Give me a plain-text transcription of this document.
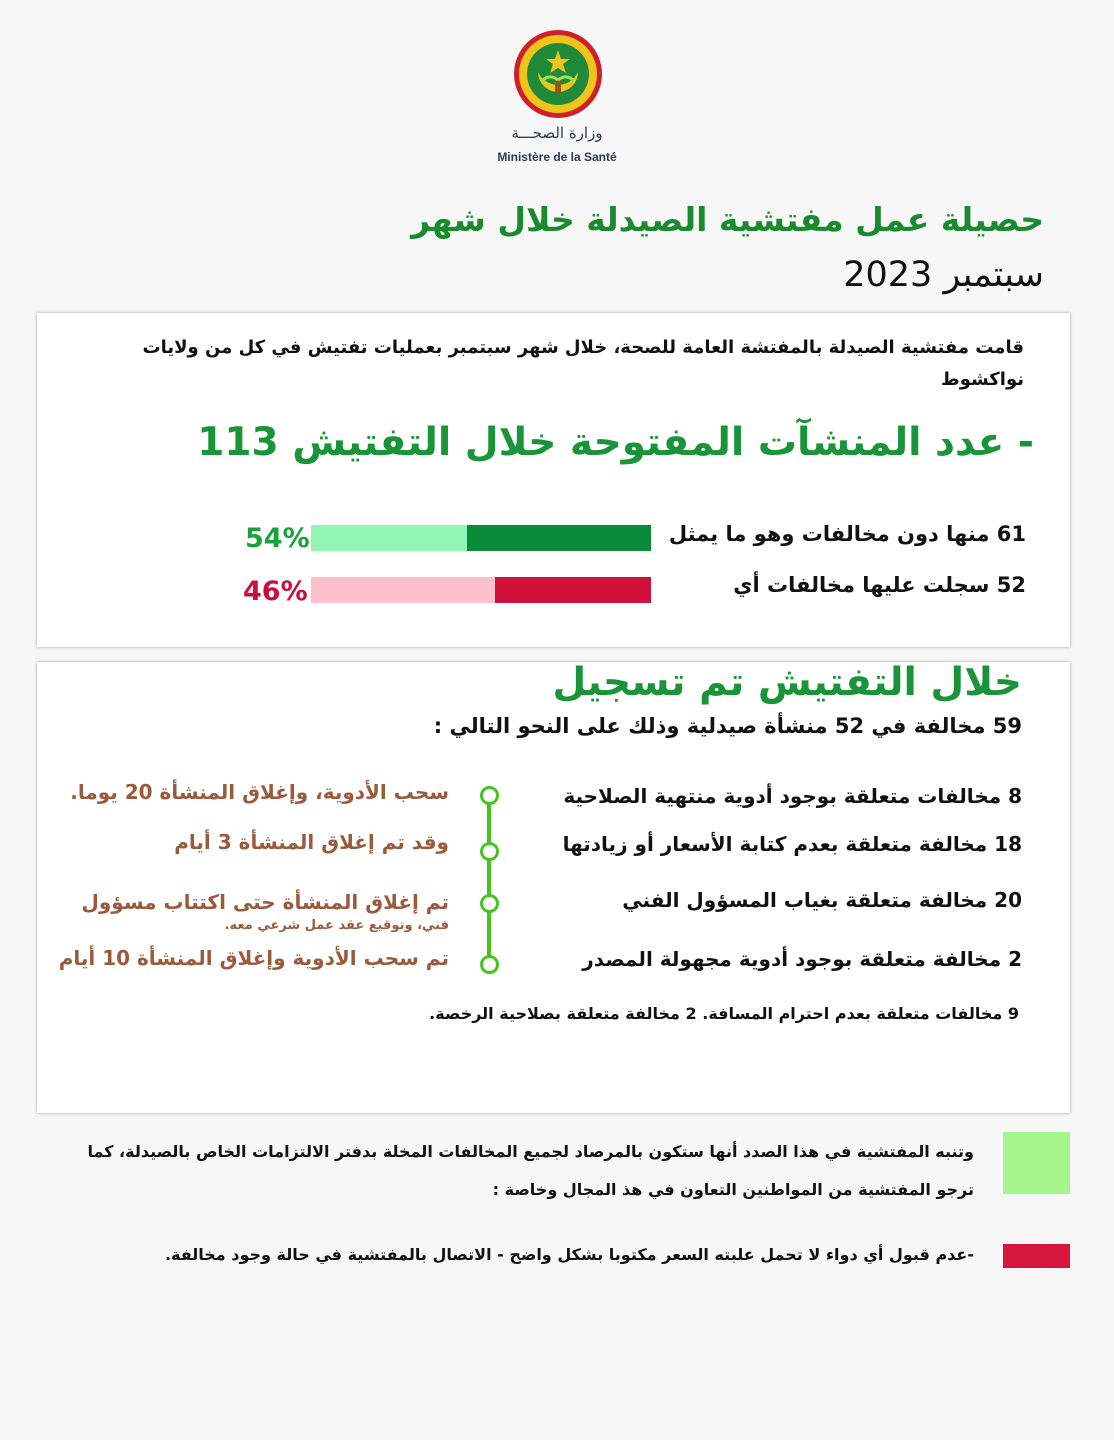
وزارة الصحـــة
Ministère de la Santé
حصيلة عمل مفتشية الصيدلة خلال شهر
سبتمبر 2023
قامت مفتشية الصيدلة بالمفتشة العامة للصحة، خلال شهر سبتمبر بعمليات تفتيش في كل من ولايات نواكشوط
- عدد المنشآت المفتوحة خلال التفتيش 113
61 منها دون مخالفات وهو ما يمثل
54%
52 سجلت عليها مخالفات أي
46%
خلال التفتيش تم تسجيل
59 مخالفة في 52 منشأة صيدلية وذلك على النحو التالي :
8 مخالفات متعلقة بوجود أدوية منتهية الصلاحية
سحب الأدوية، وإغلاق المنشأة 20 يوما.
18 مخالفة متعلقة بعدم كتابة الأسعار أو زيادتها
وقد تم إغلاق المنشأة 3 أيام
20 مخالفة متعلقة بغياب المسؤول الفني
تم إغلاق المنشأة حتى اكتتاب مسؤول
فني، وتوقيع عقد عمل شرعي معه.
2 مخالفة متعلقة بوجود أدوية مجهولة المصدر
تم سحب الأدوية وإغلاق المنشأة 10 أيام
9 مخالفات متعلقة بعدم احترام المسافة. 2 مخالفة متعلقة بصلاحية الرخصة.
وتنبه المفتشية في هذا الصدد أنها ستكون بالمرصاد لجميع المخالفات المخلة بدفتر الالتزامات الخاص بالصيدلة، كما ترجو المفتشية من المواطنين التعاون في هذ المجال وخاصة :
-عدم قبول أي دواء لا تحمل علبته السعر مكتوبا بشكل واضح - الاتصال بالمفتشية في حالة وجود مخالفة.
